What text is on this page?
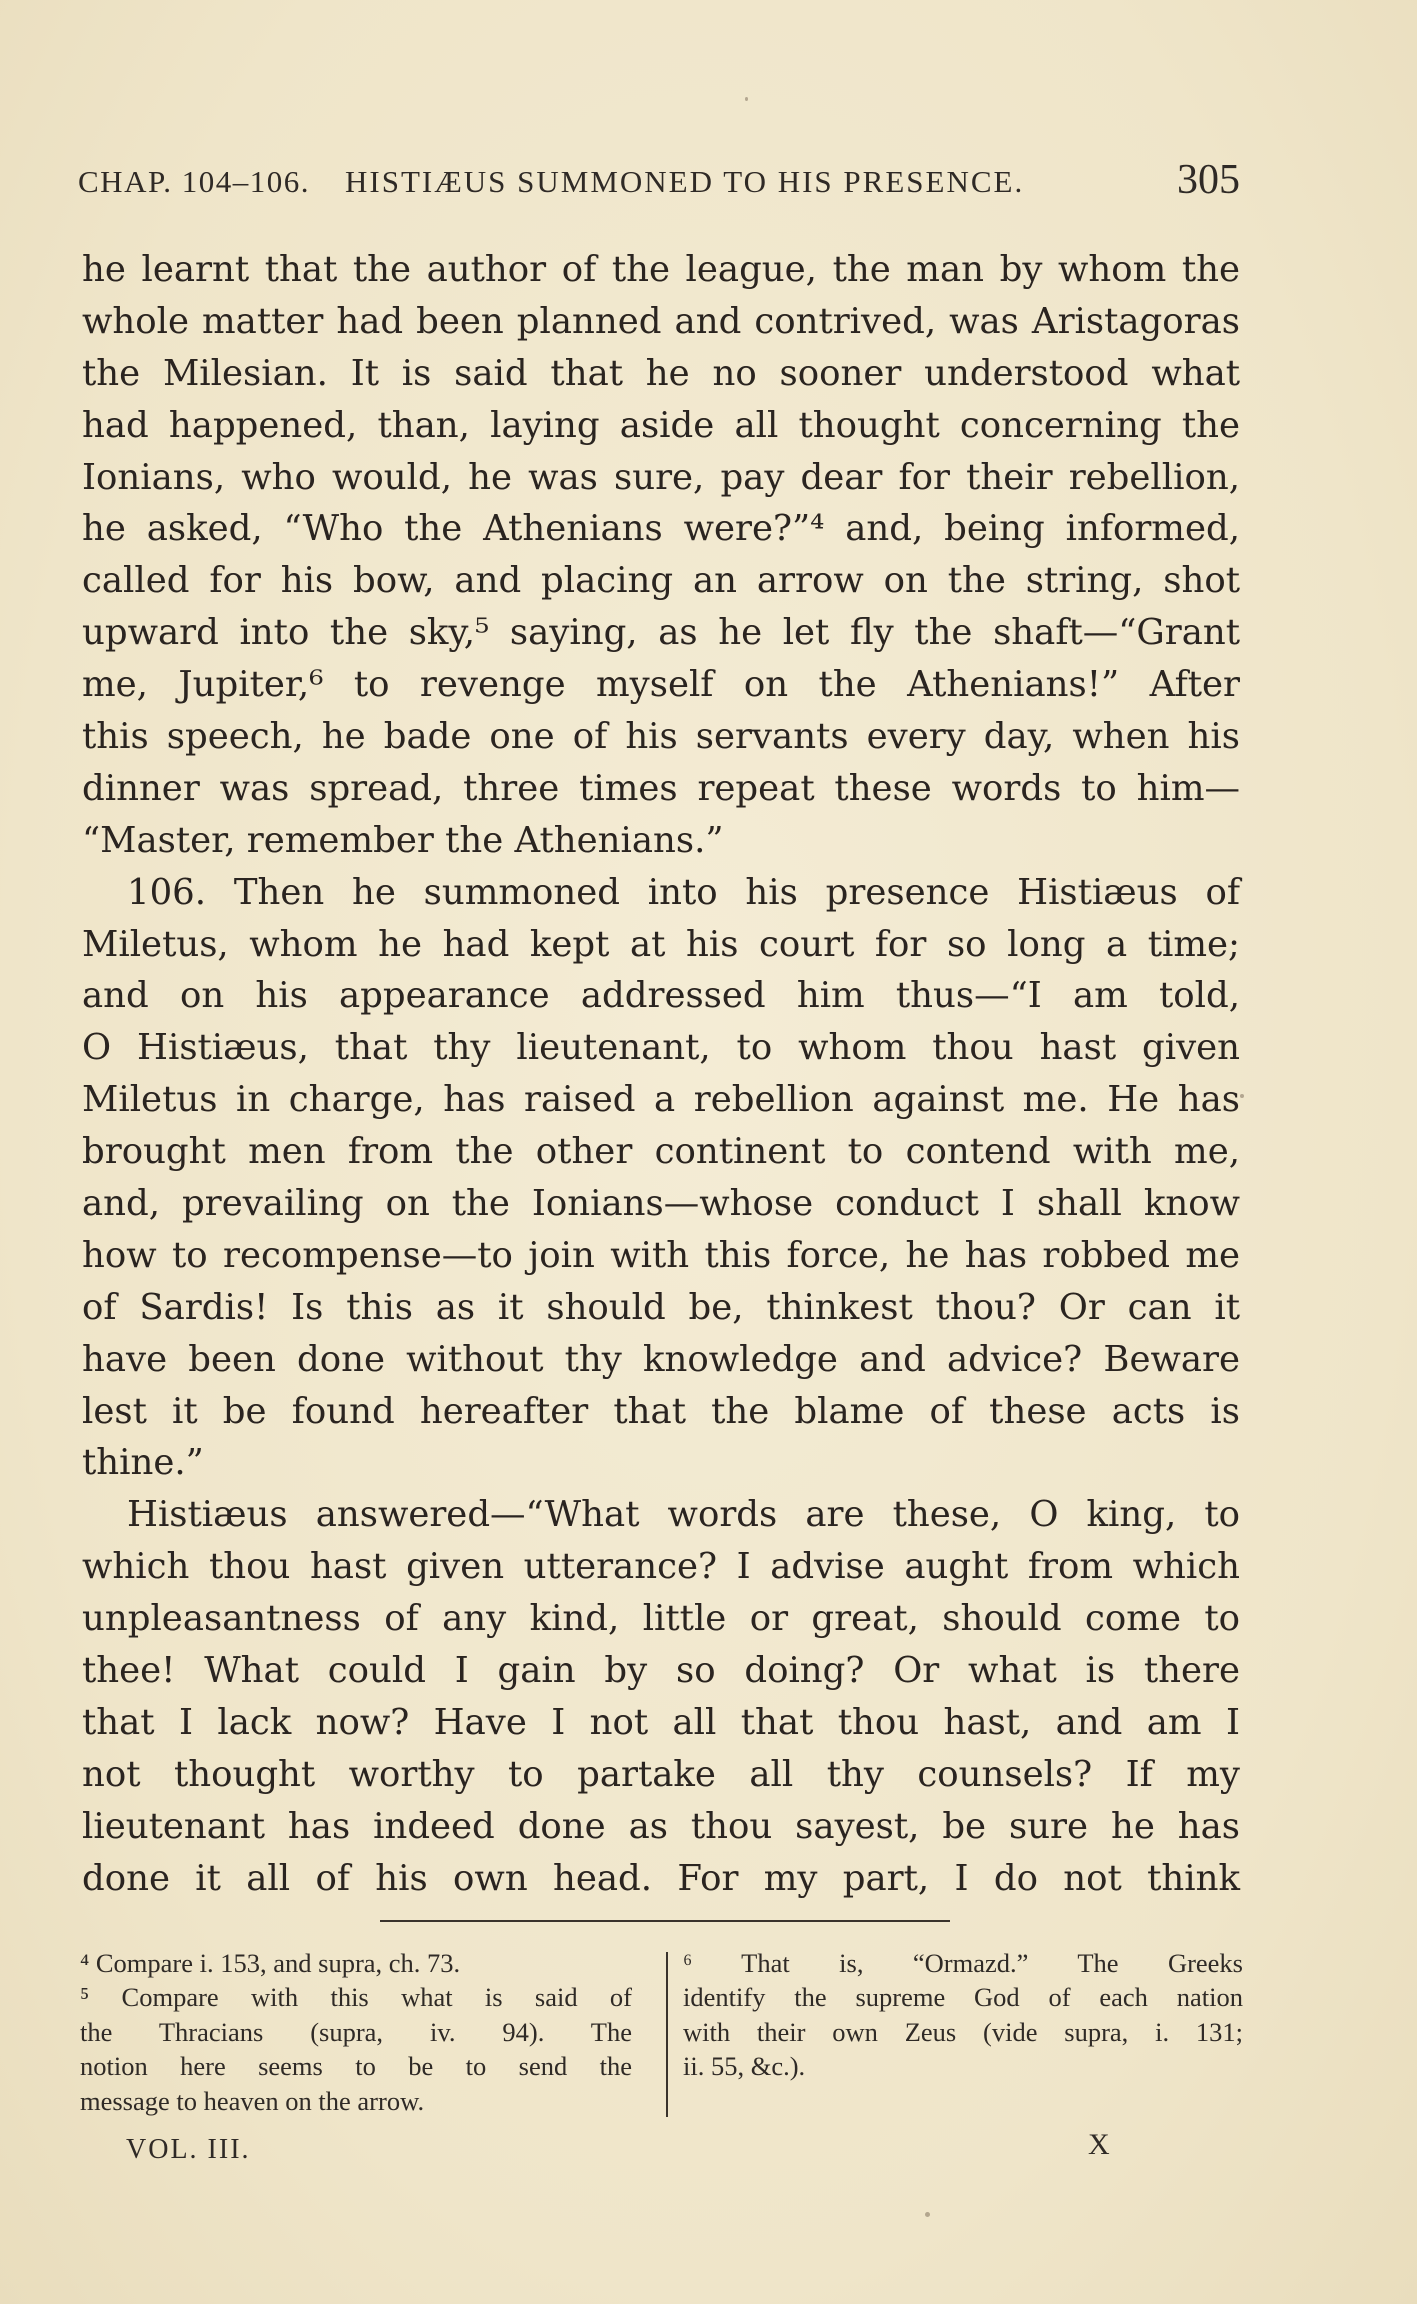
CHAP. 104–106. HISTIÆUS SUMMONED TO HIS PRESENCE.	305
he learnt that the author of the league, the man by whom the
whole matter had been planned and contrived, was Aristagoras
the Milesian. It is said that he no sooner understood what
had happened, than, laying aside all thought concerning the
Ionians, who would, he was sure, pay dear for their rebellion,
he asked, “Who the Athenians were?”⁴ and, being informed,
called for his bow, and placing an arrow on the string, shot
upward into the sky,⁵ saying, as he let fly the shaft—“Grant
me, Jupiter,⁶ to revenge myself on the Athenians!” After
this speech, he bade one of his servants every day, when his
dinner was spread, three times repeat these words to him—
“Master, remember the Athenians.”
106. Then he summoned into his presence Histiæus of
Miletus, whom he had kept at his court for so long a time;
and on his appearance addressed him thus—“I am told,
O Histiæus, that thy lieutenant, to whom thou hast given
Miletus in charge, has raised a rebellion against me. He has
brought men from the other continent to contend with me,
and, prevailing on the Ionians—whose conduct I shall know
how to recompense—to join with this force, he has robbed me
of Sardis! Is this as it should be, thinkest thou? Or can it
have been done without thy knowledge and advice? Beware
lest it be found hereafter that the blame of these acts is
thine.”
Histiæus answered—“What words are these, O king, to
which thou hast given utterance? I advise aught from which
unpleasantness of any kind, little or great, should come to
thee! What could I gain by so doing? Or what is there
that I lack now? Have I not all that thou hast, and am I
not thought worthy to partake all thy counsels? If my
lieutenant has indeed done as thou sayest, be sure he has
done it all of his own head. For my part, I do not think
⁴ Compare i. 153, and supra, ch. 73.
⁵ Compare with this what is said of
the Thracians (supra, iv. 94). The
notion here seems to be to send the
message to heaven on the arrow.
⁶ That is, “Ormazd.” The Greeks
identify the supreme God of each nation
with their own Zeus (vide supra, i. 131;
ii. 55, &c.).
VOL. III.	X
